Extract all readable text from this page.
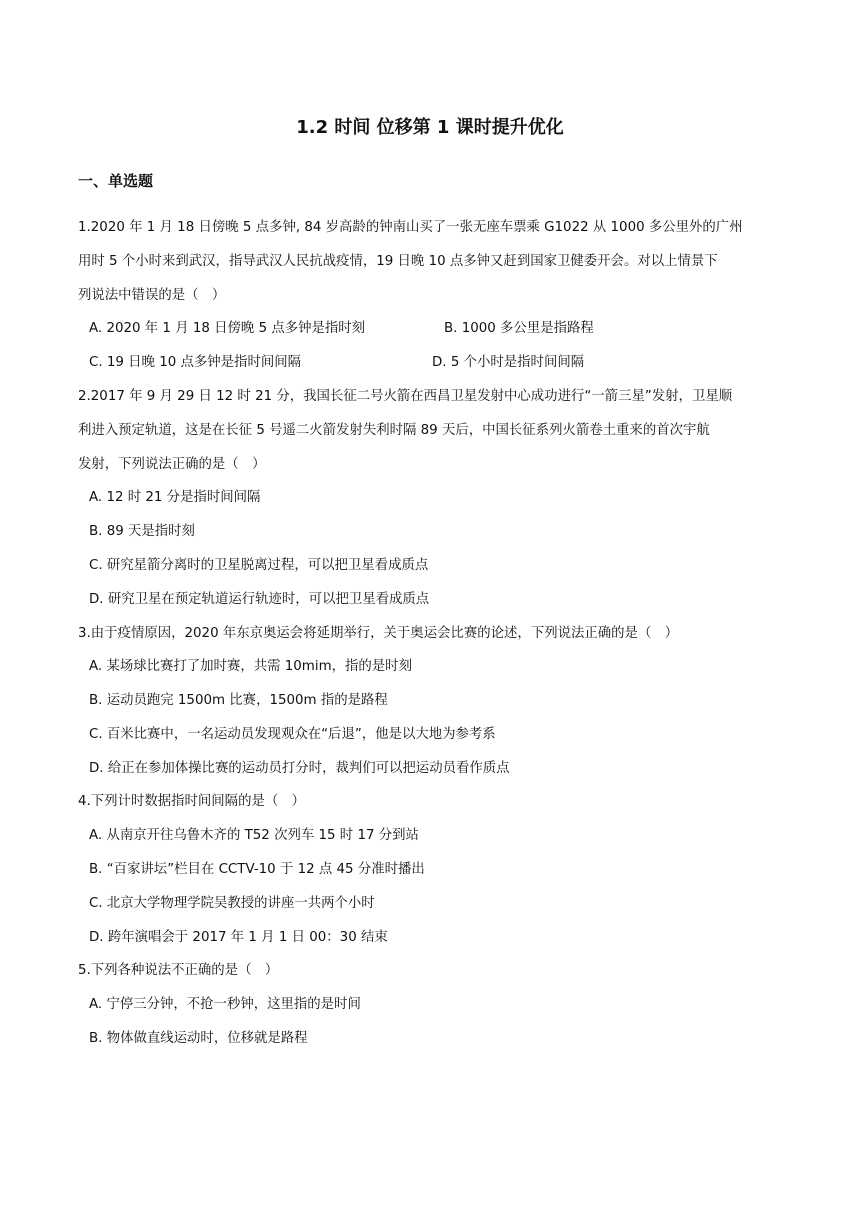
1.2 时间 位移第 1 课时提升优化
一、单选题
1.2020 年 1 月 18 日傍晚 5 点多钟, 84 岁高龄的钟南山买了一张无座车票乘 G1022 从 1000 多公里外的广州
用时 5 个小时来到武汉，指导武汉人民抗战疫情，19 日晚 10 点多钟又赶到国家卫健委开会。对以上情景下
列说法中错误的是（　）
A. 2020 年 1 月 18 日傍晚 5 点多钟是指时刻	B. 1000 多公里是指路程
C. 19 日晚 10 点多钟是指时间间隔	D. 5 个小时是指时间间隔
2.2017 年 9 月 29 日 12 时 21 分，我国长征二号火箭在西昌卫星发射中心成功进行“一箭三星”发射，卫星顺
利进入预定轨道，这是在长征 5 号遥二火箭发射失利时隔 89 天后，中国长征系列火箭卷土重来的首次宇航
发射，下列说法正确的是（　）
A. 12 时 21 分是指时间间隔
B. 89 天是指时刻
C. 研究星箭分离时的卫星脱离过程，可以把卫星看成质点
D. 研究卫星在预定轨道运行轨迹时，可以把卫星看成质点
3.由于疫情原因，2020 年东京奥运会将延期举行，关于奥运会比赛的论述，下列说法正确的是（　）
A. 某场球比赛打了加时赛，共需 10mim，指的是时刻
B. 运动员跑完 1500m 比赛，1500m 指的是路程
C. 百米比赛中，一名运动员发现观众在“后退”，他是以大地为参考系
D. 给正在参加体操比赛的运动员打分时，裁判们可以把运动员看作质点
4.下列计时数据指时间间隔的是（　）
A. 从南京开往乌鲁木齐的 T52 次列车 15 时 17 分到站
B. “百家讲坛”栏目在 CCTV-10 于 12 点 45 分准时播出
C. 北京大学物理学院吴教授的讲座一共两个小时
D. 跨年演唱会于 2017 年 1 月 1 日 00：30 结束
5.下列各种说法不正确的是（　）
A. 宁停三分钟，不抢一秒钟，这里指的是时间
B. 物体做直线运动时，位移就是路程
